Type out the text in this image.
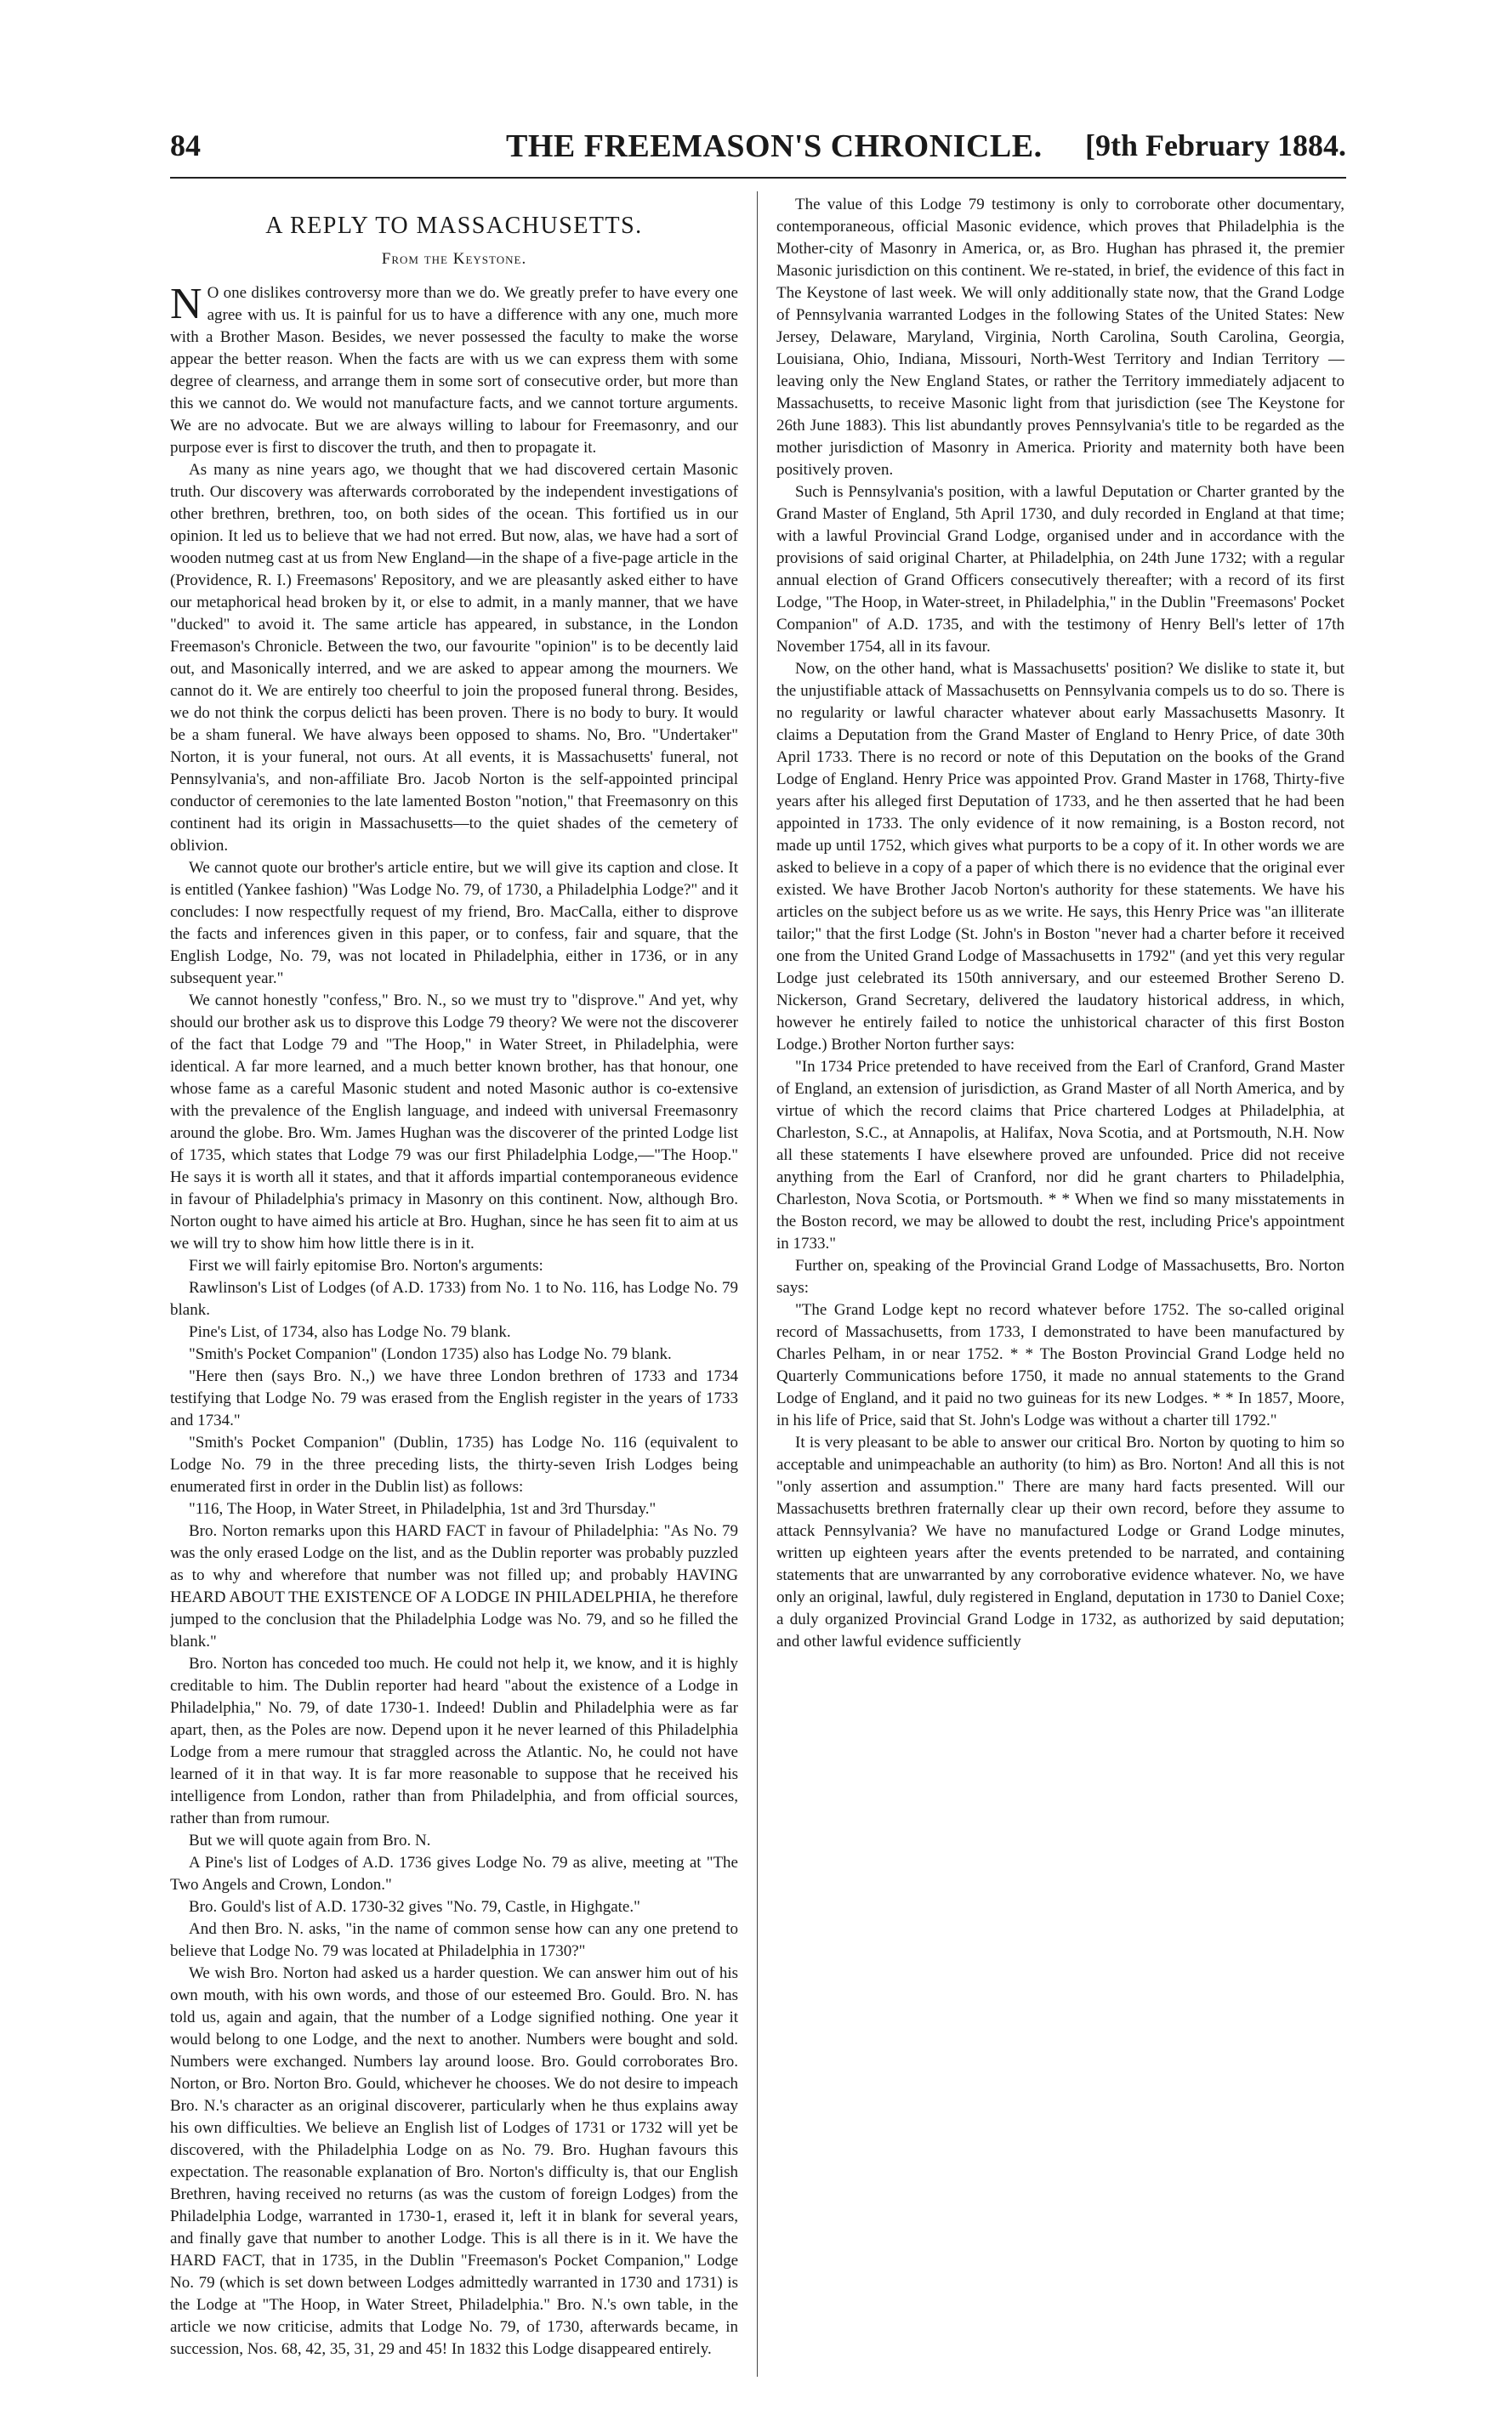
84	THE FREEMASON'S CHRONICLE. [9th February 1884.
A REPLY TO MASSACHUSETTS.
From the Keystone.

N O one dislikes controversy more than we do. We greatly prefer to have every one agree with us. It is painful for us to have a difference with any one, much more with a Brother Mason. Besides, we never possessed the faculty to make the worse appear the better reason. When the facts are with us we can express them with some degree of clearness, and arrange them in some sort of consecutive order, but more than this we cannot do. We would not manufacture facts, and we cannot torture arguments. We are no advocate. But we are always willing to labour for Freemasonry, and our purpose ever is first to discover the truth, and then to propagate it.

As many as nine years ago, we thought that we had discovered certain Masonic truth. Our discovery was afterwards corroborated by the independent investigations of other brethren, brethren, too, on both sides of the ocean. This fortified us in our opinion. It led us to believe that we had not erred. But now, alas, we have had a sort of wooden nutmeg cast at us from New England—in the shape of a five-page article in the (Providence, R. I.) Freemasons' Repository, and we are pleasantly asked either to have our metaphorical head broken by it, or else to admit, in a manly manner, that we have "ducked" to avoid it. The same article has appeared, in substance, in the London Freemason's Chronicle. Between the two, our favourite "opinion" is to be decently laid out, and Masonically interred, and we are asked to appear among the mourners. We cannot do it. We are entirely too cheerful to join the proposed funeral throng. Besides, we do not think the corpus delicti has been proven. There is no body to bury. It would be a sham funeral. We have always been opposed to shams. No, Bro. "Undertaker" Norton, it is your funeral, not ours. At all events, it is Massachusetts' funeral, not Pennsylvania's, and non-affiliate Bro. Jacob Norton is the self-appointed principal conductor of ceremonies to the late lamented Boston "notion," that Freemasonry on this continent had its origin in Massachusetts—to the quiet shades of the cemetery of oblivion.

We cannot quote our brother's article entire, but we will give its caption and close. It is entitled (Yankee fashion) "Was Lodge No. 79, of 1730, a Philadelphia Lodge?" and it concludes: I now respectfully request of my friend, Bro. MacCalla, either to disprove the facts and inferences given in this paper, or to confess, fair and square, that the English Lodge, No. 79, was not located in Philadelphia, either in 1736, or in any subsequent year."

We cannot honestly "confess," Bro. N., so we must try to "disprove." And yet, why should our brother ask us to disprove this Lodge 79 theory? We were not the discoverer of the fact that Lodge 79 and "The Hoop," in Water Street, in Philadelphia, were identical. A far more learned, and a much better known brother, has that honour, one whose fame as a careful Masonic student and noted Masonic author is co-extensive with the prevalence of the English language, and indeed with universal Freemasonry around the globe. Bro. Wm. James Hughan was the discoverer of the printed Lodge list of 1735, which states that Lodge 79 was our first Philadelphia Lodge,—"The Hoop." He says it is worth all it states, and that it affords impartial contemporaneous evidence in favour of Philadelphia's primacy in Masonry on this continent. Now, although Bro. Norton ought to have aimed his article at Bro. Hughan, since he has seen fit to aim at us we will try to show him how little there is in it.

First we will fairly epitomise Bro. Norton's arguments:

Rawlinson's List of Lodges (of A.D. 1733) from No. 1 to No. 116, has Lodge No. 79 blank.

Pine's List, of 1734, also has Lodge No. 79 blank.

"Smith's Pocket Companion" (London 1735) also has Lodge No. 79 blank.

"Here then (says Bro. N.,) we have three London brethren of 1733 and 1734 testifying that Lodge No. 79 was erased from the English register in the years of 1733 and 1734."

"Smith's Pocket Companion" (Dublin, 1735) has Lodge No. 116 (equivalent to Lodge No. 79 in the three preceding lists, the thirty-seven Irish Lodges being enumerated first in order in the Dublin list) as follows:

"116, The Hoop, in Water Street, in Philadelphia, 1st and 3rd Thursday."

Bro. Norton remarks upon this HARD FACT in favour of Philadelphia: "As No. 79 was the only erased Lodge on the list, and as the Dublin reporter was probably puzzled as to why and wherefore that number was not filled up; and probably HAVING HEARD ABOUT THE EXISTENCE OF A LODGE IN PHILADELPHIA, he therefore jumped to the conclusion that the Philadelphia Lodge was No. 79, and so he filled the blank."

Bro. Norton has conceded too much. He could not help it, we know, and it is highly creditable to him. The Dublin reporter had heard "about the existence of a Lodge in Philadelphia," No. 79, of date 1730-1. Indeed! Dublin and Philadelphia were as far apart, then, as the Poles are now. Depend upon it he never learned of this Philadelphia Lodge from a mere rumour that straggled across the Atlantic. No, he could not have learned of it in that way. It is far more reasonable to suppose that he received his intelligence from London, rather than from Philadelphia, and from official sources, rather than from rumour.

But we will quote again from Bro. N.

A Pine's list of Lodges of A.D. 1736 gives Lodge No. 79 as alive, meeting at "The Two Angels and Crown, London."

Bro. Gould's list of A.D. 1730-32 gives "No. 79, Castle, in Highgate."

And then Bro. N. asks, "in the name of common sense how can any one pretend to believe that Lodge No. 79 was located at Philadelphia in 1730?"

We wish Bro. Norton had asked us a harder question. We can answer him out of his own mouth, with his own words, and those of our esteemed Bro. Gould. Bro. N. has told us, again and again, that the number of a Lodge signified nothing. One year it would belong to one Lodge, and the next to another. Numbers were bought and sold. Numbers were exchanged. Numbers lay around loose. Bro. Gould corroborates Bro. Norton, or Bro. Norton Bro. Gould, whichever he chooses. We do not desire to impeach Bro. N.'s character as an original discoverer, particularly when he thus explains away his own difficulties. We believe an English list of Lodges of 1731 or 1732 will yet be discovered, with the Philadelphia Lodge on as No. 79. Bro. Hughan favours this expectation. The reasonable explanation of Bro. Norton's difficulty is, that our English Brethren, having received no returns (as was the custom of foreign Lodges) from the Philadelphia Lodge, warranted in 1730-1, erased it, left it in blank for several years, and finally gave that number to another Lodge. This is all there is in it. We have the HARD FACT, that in 1735, in the Dublin "Freemason's Pocket Companion," Lodge No. 79 (which is set down between Lodges admittedly warranted in 1730 and 1731) is the Lodge at "The Hoop, in Water Street, Philadelphia." Bro. N.'s own table, in the article we now criticise, admits that Lodge No. 79, of 1730, afterwards became, in succession, Nos. 68, 42, 35, 31, 29 and 45! In 1832 this Lodge disappeared entirely.

The value of this Lodge 79 testimony is only to corroborate other documentary, contemporaneous, official Masonic evidence, which proves that Philadelphia is the Mother-city of Masonry in America, or, as Bro. Hughan has phrased it, the premier Masonic jurisdiction on this continent. We re-stated, in brief, the evidence of this fact in The Keystone of last week. We will only additionally state now, that the Grand Lodge of Pennsylvania warranted Lodges in the following States of the United States: New Jersey, Delaware, Maryland, Virginia, North Carolina, South Carolina, Georgia, Louisiana, Ohio, Indiana, Missouri, North-West Territory and Indian Territory —leaving only the New England States, or rather the Territory immediately adjacent to Massachusetts, to receive Masonic light from that jurisdiction (see The Keystone for 26th June 1883). This list abundantly proves Pennsylvania's title to be regarded as the mother jurisdiction of Masonry in America. Priority and maternity both have been positively proven.

Such is Pennsylvania's position, with a lawful Deputation or Charter granted by the Grand Master of England, 5th April 1730, and duly recorded in England at that time; with a lawful Provincial Grand Lodge, organised under and in accordance with the provisions of said original Charter, at Philadelphia, on 24th June 1732; with a regular annual election of Grand Officers consecutively thereafter; with a record of its first Lodge, "The Hoop, in Water-street, in Philadelphia," in the Dublin "Freemasons' Pocket Companion" of A.D. 1735, and with the testimony of Henry Bell's letter of 17th November 1754, all in its favour.

Now, on the other hand, what is Massachusetts' position? We dislike to state it, but the unjustifiable attack of Massachusetts on Pennsylvania compels us to do so. There is no regularity or lawful character whatever about early Massachusetts Masonry. It claims a Deputation from the Grand Master of England to Henry Price, of date 30th April 1733. There is no record or note of this Deputation on the books of the Grand Lodge of England. Henry Price was appointed Prov. Grand Master in 1768, Thirty-five years after his alleged first Deputation of 1733, and he then asserted that he had been appointed in 1733. The only evidence of it now remaining, is a Boston record, not made up until 1752, which gives what purports to be a copy of it. In other words we are asked to believe in a copy of a paper of which there is no evidence that the original ever existed. We have Brother Jacob Norton's authority for these statements. We have his articles on the subject before us as we write. He says, this Henry Price was "an illiterate tailor;" that the first Lodge (St. John's in Boston "never had a charter before it received one from the United Grand Lodge of Massachusetts in 1792" (and yet this very regular Lodge just celebrated its 150th anniversary, and our esteemed Brother Sereno D. Nickerson, Grand Secretary, delivered the laudatory historical address, in which, however he entirely failed to notice the unhistorical character of this first Boston Lodge.) Brother Norton further says:

"In 1734 Price pretended to have received from the Earl of Cranford, Grand Master of England, an extension of jurisdiction, as Grand Master of all North America, and by virtue of which the record claims that Price chartered Lodges at Philadelphia, at Charleston, S.C., at Annapolis, at Halifax, Nova Scotia, and at Portsmouth, N.H. Now all these statements I have elsewhere proved are unfounded. Price did not receive anything from the Earl of Cranford, nor did he grant charters to Philadelphia, Charleston, Nova Scotia, or Portsmouth. * * When we find so many misstatements in the Boston record, we may be allowed to doubt the rest, including Price's appointment in 1733."

Further on, speaking of the Provincial Grand Lodge of Massachusetts, Bro. Norton says:

"The Grand Lodge kept no record whatever before 1752. The so-called original record of Massachusetts, from 1733, I demonstrated to have been manufactured by Charles Pelham, in or near 1752. * * The Boston Provincial Grand Lodge held no Quarterly Communications before 1750, it made no annual statements to the Grand Lodge of England, and it paid no two guineas for its new Lodges. * * In 1857, Moore, in his life of Price, said that St. John's Lodge was without a charter till 1792."

It is very pleasant to be able to answer our critical Bro. Norton by quoting to him so acceptable and unimpeachable an authority (to him) as Bro. Norton! And all this is not "only assertion and assumption." There are many hard facts presented. Will our Massachusetts brethren fraternally clear up their own record, before they assume to attack Pennsylvania? We have no manufactured Lodge or Grand Lodge minutes, written up eighteen years after the events pretended to be narrated, and containing statements that are unwarranted by any corroborative evidence whatever. No, we have only an original, lawful, duly registered in England, deputation in 1730 to Daniel Coxe; a duly organized Provincial Grand Lodge in 1732, as authorized by said deputation; and other lawful evidence sufficiently
